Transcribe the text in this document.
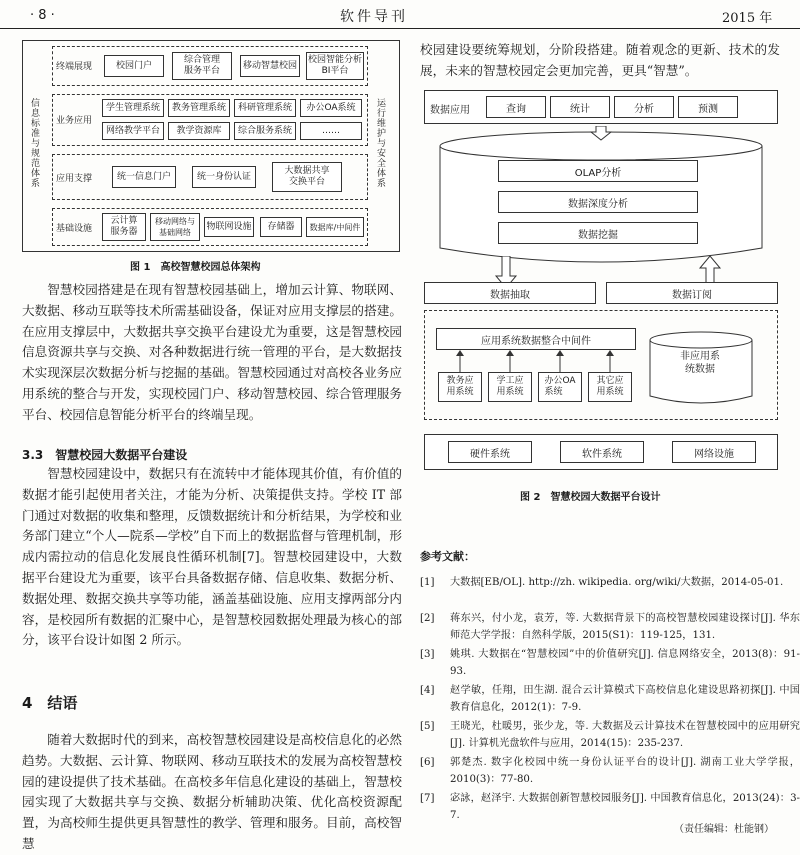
· 8 ·	软件导刊	2015 年
信息标准与规范体系	运行维护与安全体系
终端展现	校园门户
综合管理
服务平台
移动智慧校园
校园智能分析
BI平台
业务应用
学生管理系统	教务管理系统	科研管理系统	办公OA系统
网络教学平台	教学资源库	综合服务系统	……
应用支撑	统一信息门户	统一身份认证
大数据共享
交换平台
基础设施
云计算
服务器
移动网络与
基础网络
物联网设施	存储器	数据库/中间件
图 1　高校智慧校园总体架构

智慧校园搭建是在现有智慧校园基础上，增加云计算、物联网、大数据、移动互联等技术所需基础设备，保证对应用支撑层的搭建。在应用支撑层中，大数据共享交换平台建设尤为重要，这是智慧校园信息资源共享与交换、对各种数据进行统一管理的平台，是大数据技术实现深层次数据分析与挖掘的基础。智慧校园通过对高校各业务应用系统的整合与开发，实现校园门户、移动智慧校园、综合管理服务平台、校园信息智能分析平台的终端呈现。

3.3　智慧校园大数据平台建设

智慧校园建设中，数据只有在流转中才能体现其价值，有价值的数据才能引起使用者关注，才能为分析、决策提供支持。学校 IT 部门通过对数据的收集和整理，反馈数据统计和分析结果，为学校和业务部门建立“个人—院系—学校”自下而上的数据监督与管理机制，形成内需拉动的信息化发展良性循环机制[7]。智慧校园建设中，大数据平台建设尤为重要，该平台具备数据存储、信息收集、数据分析、数据处理、数据交换共享等功能，涵盖基础设施、应用支撑两部分内容，是校园所有数据的汇聚中心，是智慧校园数据处理最为核心的部分，该平台设计如图 2 所示。

4　结语

随着大数据时代的到来，高校智慧校园建设是高校信息化的必然趋势。大数据、云计算、物联网、移动互联技术的发展为高校智慧校园的建设提供了技术基础。在高校多年信息化建设的基础上，智慧校园实现了大数据共享与交换、数据分析辅助决策、优化高校资源配置，为高校师生提供更具智慧性的教学、管理和服务。目前，高校智慧

校园建设要统筹规划，分阶段搭建。随着观念的更新、技术的发展，未来的智慧校园定会更加完善，更具“智慧”。

数据应用	查询	统计	分析	预测
OLAP分析
数据深度分析
数据挖掘
数据抽取	数据订阅
应用系统数据整合中间件
教务应
用系统
学工应
用系统
办公OA
系统
其它应
用系统
非应用系
统数据
硬件系统	软件系统	网络设施
图 2　智慧校园大数据平台设计
参考文献：
[1] 大数据[EB/OL]. http://zh. wikipedia. org/wiki/大数据，2014-05-01.
[2] 蒋东兴，付小龙，袁芳，等. 大数据背景下的高校智慧校园建设探讨[J]. 华东师范大学学报：自然科学版，2015(S1)：119-125，131.
[3] 姚琪. 大数据在“智慧校园”中的价值研究[J]. 信息网络安全，2013(8)：91-93.
[4] 赵学敏，任翔，田生湖. 混合云计算模式下高校信息化建设思路初探[J]. 中国教育信息化，2012(1)：7-9.
[5] 王晓光，杜暖男，张少龙，等. 大数据及云计算技术在智慧校园中的应用研究[J]. 计算机光盘软件与应用，2014(15)：235-237.
[6] 郭楚杰. 数字化校园中统一身份认证平台的设计[J]. 湖南工业大学学报，2010(3)：77-80.
[7] 宓詠，赵泽宇. 大数据创新智慧校园服务[J]. 中国教育信息化，2013(24)：3-7.
（责任编辑：杜能钢）
